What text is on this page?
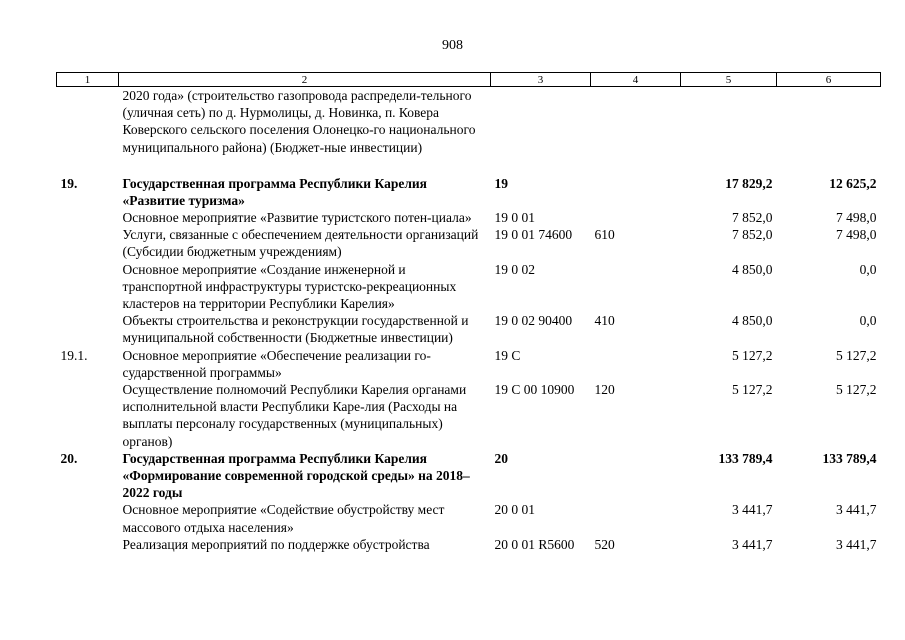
908
1	2	3	4	5	6
	2020 года» (строительство газопровода распредели-тельного (уличная сеть) по д. Нурмолицы, д. Новинка, п. Ковера Коверского сельского поселения Олонецко-го национального муниципального района) (Бюджет-ные инвестиции)				
19.	Государственная программа Республики Карелия «Развитие туризма»	19		17 829,2	12 625,2
	Основное мероприятие «Развитие туристского потен-циала»	19 0 01		7 852,0	7 498,0
	Услуги, связанные с обеспечением деятельности организаций (Субсидии бюджетным учреждениям)	19 0 01 74600	610	7 852,0	7 498,0
	Основное мероприятие «Создание инженерной и транспортной инфраструктуры туристско-рекреационных кластеров на территории Республики Карелия»	19 0 02		4 850,0	0,0
	Объекты строительства и реконструкции государственной и муниципальной собственности (Бюджетные инвестиции)	19 0 02 90400	410	4 850,0	0,0
19.1.	Основное мероприятие «Обеспечение реализации го-сударственной программы»	19 С		5 127,2	5 127,2
	Осуществление полномочий Республики Карелия органами исполнительной власти Республики Каре-лия (Расходы на выплаты персоналу государственных (муниципальных) органов)	19 С 00 10900	120	5 127,2	5 127,2
20.	Государственная программа Республики Карелия «Формирование современной городской среды» на 2018–2022 годы	20		133 789,4	133 789,4
	Основное мероприятие «Содействие обустройству мест массового отдыха населения»	20 0 01		3 441,7	3 441,7
	Реализация мероприятий по поддержке обустройства	20 0 01 R5600	520	3 441,7	3 441,7
